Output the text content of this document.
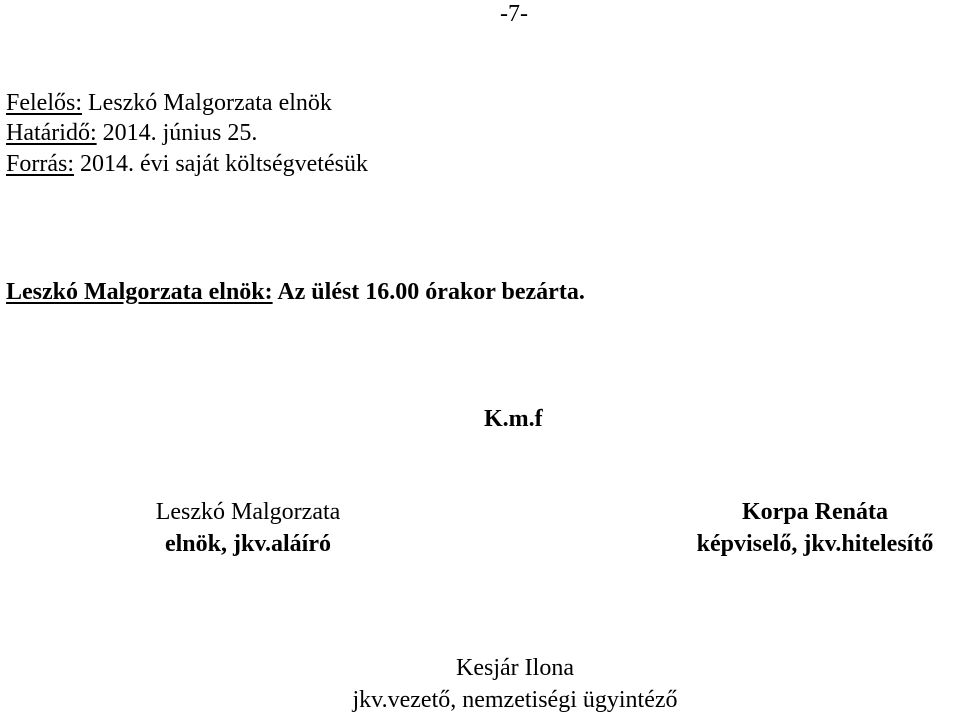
-7-
Felelős: Leszkó Malgorzata elnök
Határidő: 2014. június 25.
Forrás: 2014. évi saját költségvetésük
Leszkó Malgorzata elnök: Az ülést 16.00 órakor bezárta.
K.m.f
Leszkó Malgorzata
elnök, jkv.aláíró
Korpa Renáta
képviselő, jkv.hitelesítő
Kesjár Ilona
jkv.vezető, nemzetiségi ügyintéző
